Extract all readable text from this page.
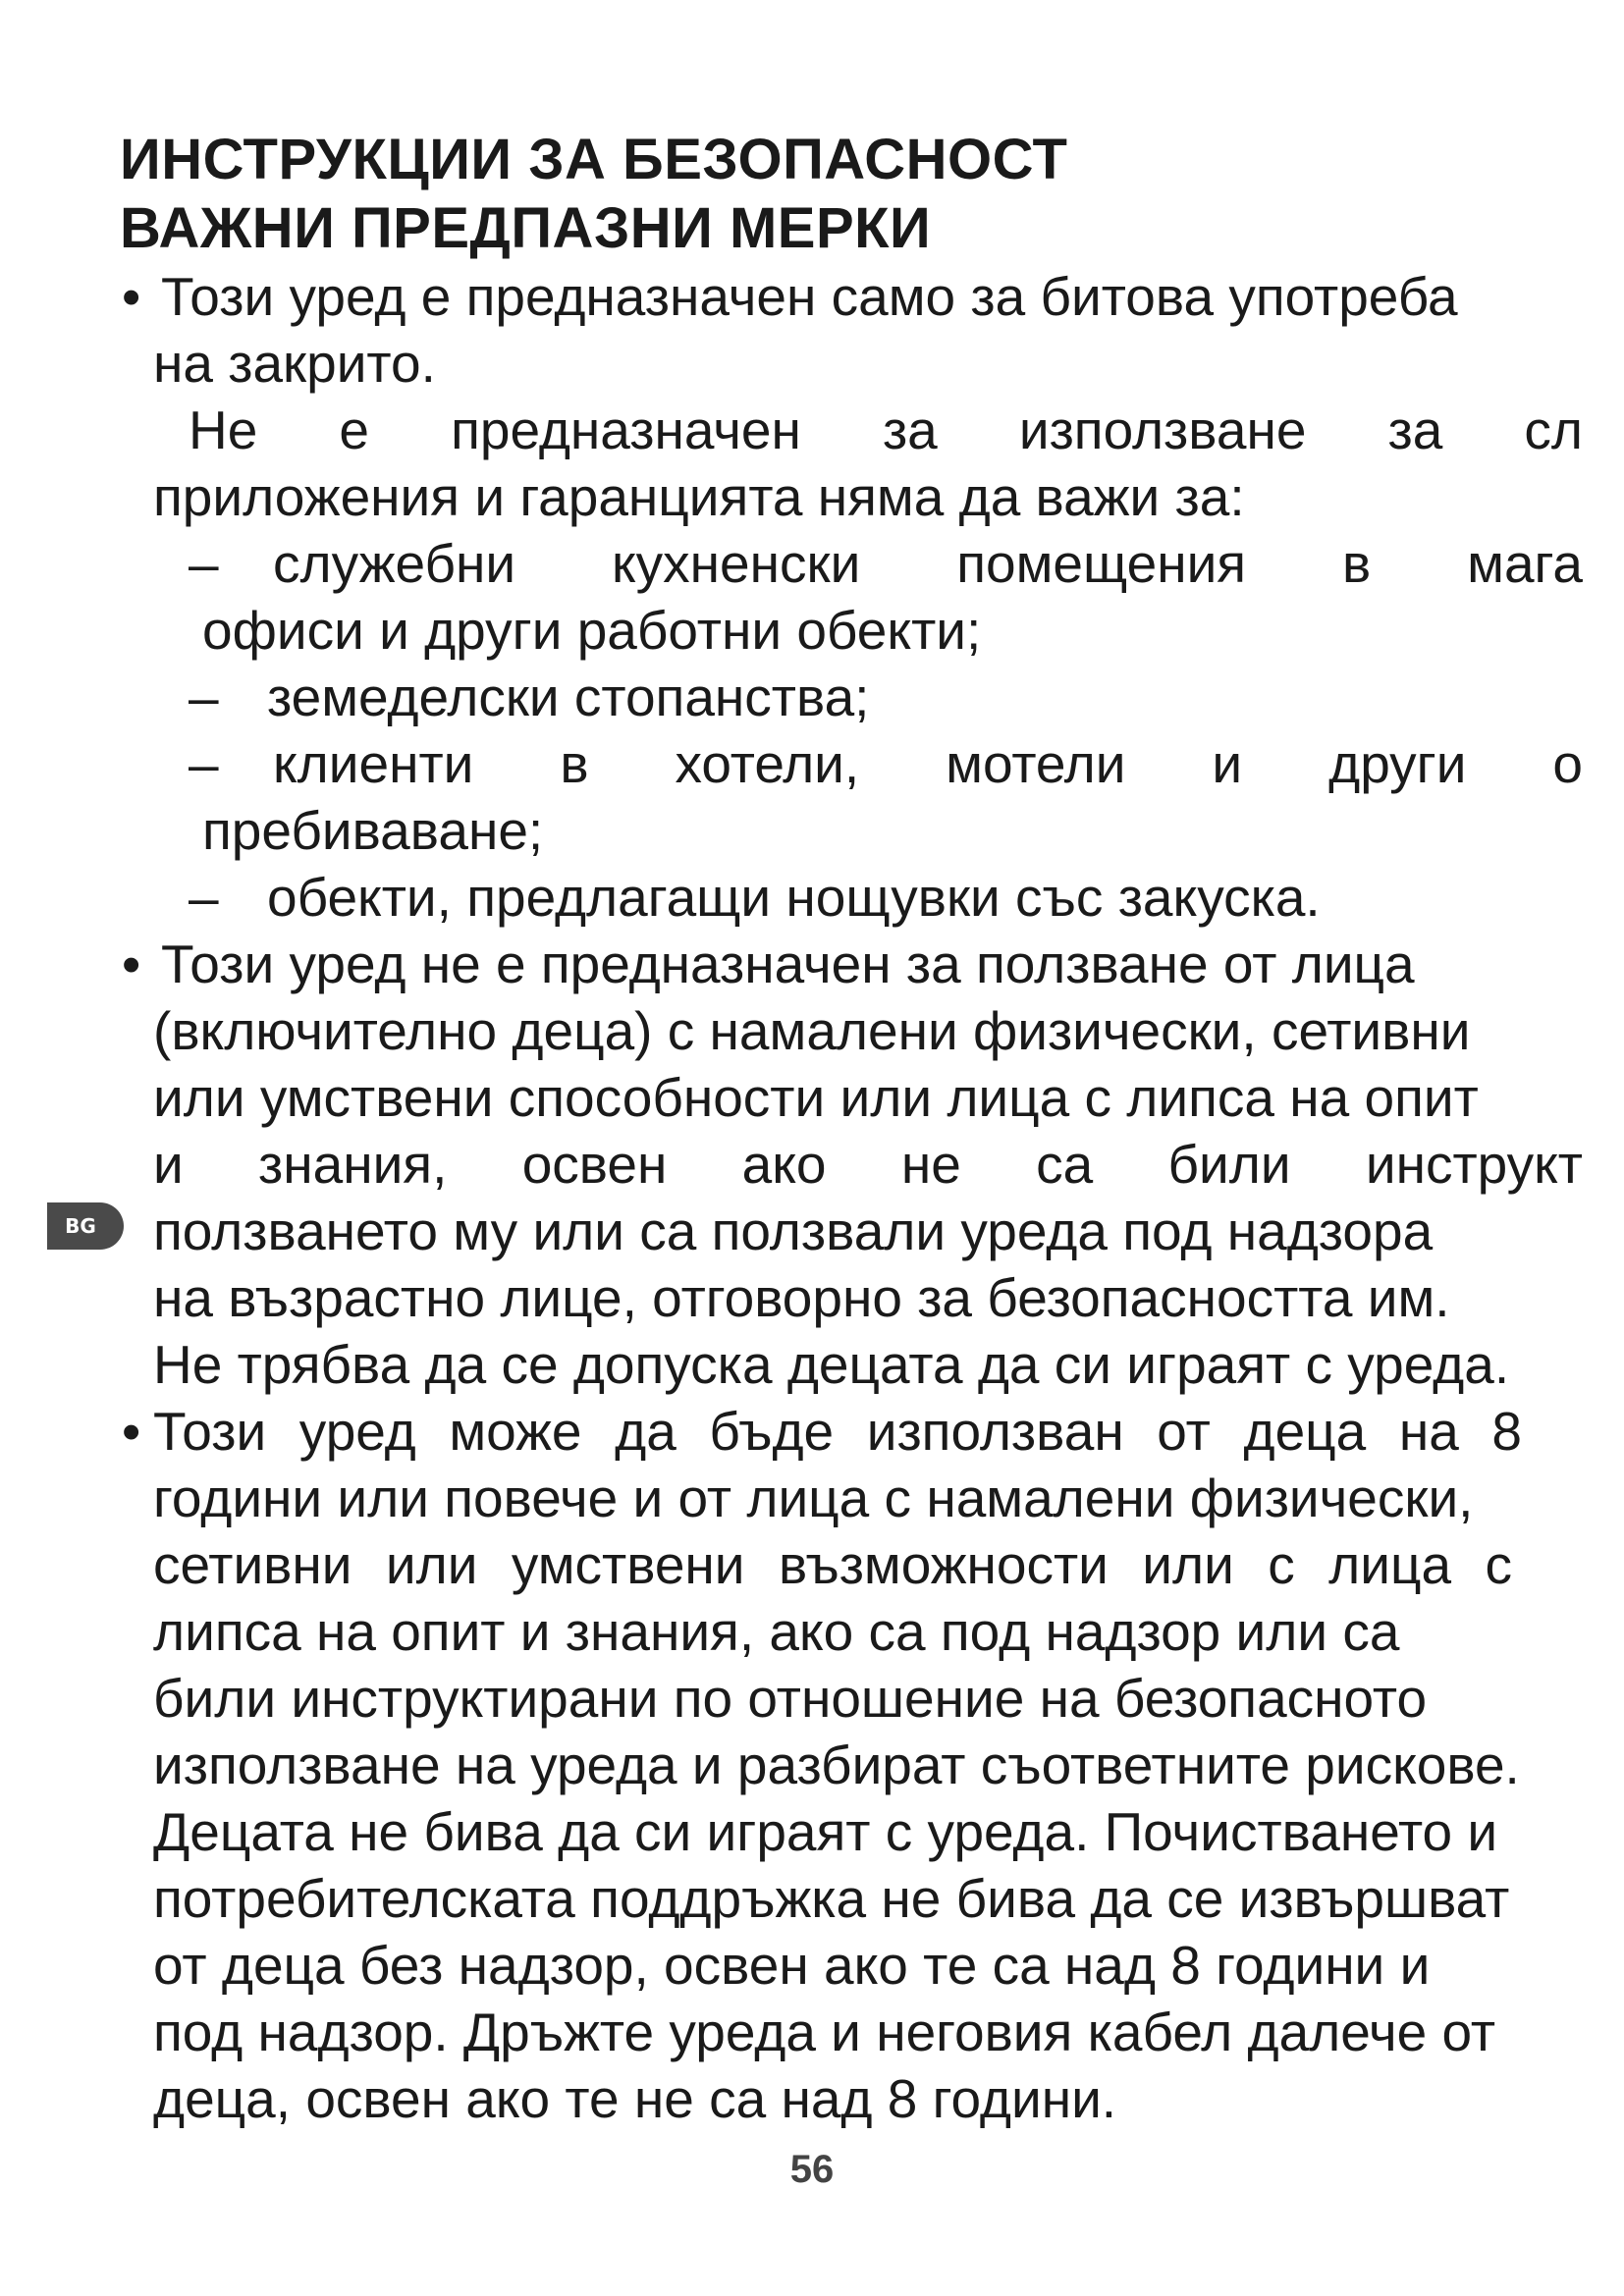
ИНСТРУКЦИИ ЗА БЕЗОПАСНОСТ
ВАЖНИ ПРЕДПАЗНИ МЕРКИ
• Този уред е предназначен само за битова употреба
на закрито.
Не е предназначен за използване за сл
приложения и гаранцията няма да важи за:
– служебни кухненски помещения в мага
офиси и други работни обекти;
– земеделски стопанства;
– клиенти в хотели, мотели и други о
пребиваване;
– обекти, предлагащи нощувки със закуска.
• Този уред не е предназначен за ползване от лица
(включително деца) с намалени физически, сетивни
или умствени способности или лица с липса на опит
и знания, освен ако не са били инструкт
ползването му или са ползвали уреда под надзора
на възрастно лице, отговорно за безопасността им.
Не трябва да се допуска децата да си играят с уреда.
• Този уред може да бъде използван от деца на 8
години или повече и от лица с намалени физически,
сетивни или умствени възможности или с лица с
липса на опит и знания, ако са под надзор или са
били инструктирани по отношение на безопасното
използване на уреда и разбират съответните рискове.
Децата не бива да си играят с уреда. Почистването и
потребителската поддръжка не бива да се извършват
от деца без надзор, освен ако те са над 8 години и
под надзор. Дръжте уреда и неговия кабел далече от
деца, освен ако те не са над 8 години.
BG
56
